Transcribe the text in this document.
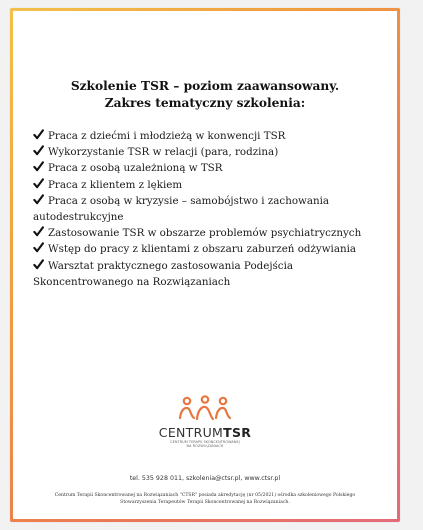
Szkolenie TSR – poziom zaawansowany.
Zakres tematyczny szkolenia:
Praca z dziećmi i młodzieżą w konwencji TSR
Wykorzystanie TSR w relacji (para, rodzina)
Praca z osobą uzależnioną w TSR
Praca z klientem z lękiem
Praca z osobą w kryzysie – samobójstwo i zachowania autodestrukcyjne
Zastosowanie TSR w obszarze problemów psychiatrycznych
Wstęp do pracy z klientami z obszaru zaburzeń odżywiania
Warsztat praktycznego zastosowania Podejścia Skoncentrowanego na Rozwiązaniach
CENTRUMTSR
CENTRUM TERAPII SKONCENTROWANEJ
NA ROZWIĄZANIACH
tel. 535 928 011, szkolenia@ctsr.pl, www.ctsr.pl
Centrum Terapii Skoncentrowanej na Rozwiązaniach "CTSR" posiada akredytację (nr 05/2021) ośrodka szkoleniowego Polskiego Stowarzyszenia Terapeutów Terapii Skoncentrowanej na Rozwiązaniach.
